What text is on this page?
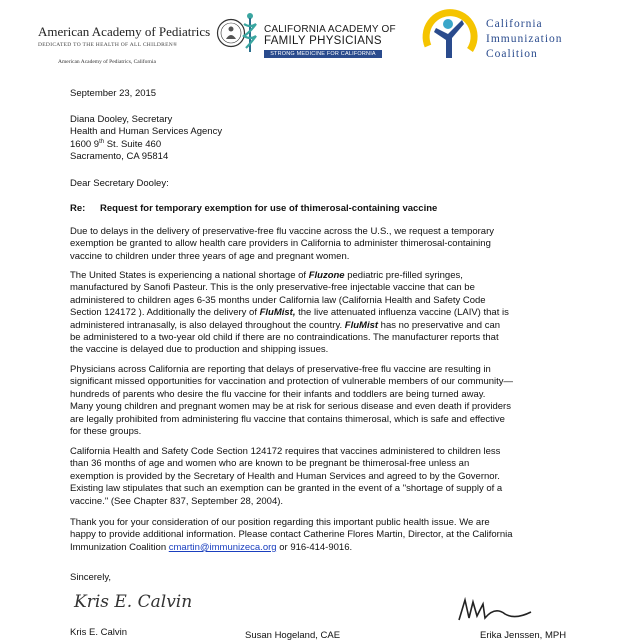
American Academy of Pediatrics
DEDICATED TO THE HEALTH OF ALL CHILDREN®
American Academy of Pediatrics, California
CALIFORNIA ACADEMY OF
FAMILY PHYSICIANS
STRONG MEDICINE FOR CALIFORNIA
California
Immunization
Coalition
September 23, 2015
Diana Dooley, Secretary
Health and Human Services Agency
1600 9th St. Suite 460
Sacramento, CA 95814
Dear Secretary Dooley:
Re: Request for temporary exemption for use of thimerosal-containing vaccine
Due to delays in the delivery of preservative-free flu vaccine across the U.S., we request a temporary
exemption be granted to allow health care providers in California to administer thimerosal-containing
vaccine to children under three years of age and pregnant women.
The United States is experiencing a national shortage of Fluzone pediatric pre-filled syringes,
manufactured by Sanofi Pasteur. This is the only preservative-free injectable vaccine that can be
administered to children ages 6-35 months under California law (California Health and Safety Code
Section 124172 ). Additionally the delivery of FluMist, the live attenuated influenza vaccine (LAIV) that is
administered intranasally, is also delayed throughout the country. FluMist has no preservative and can
be administered to a two-year old child if there are no contraindications. The manufacturer reports that
the vaccine is delayed due to production and shipping issues.
Physicians across California are reporting that delays of preservative-free flu vaccine are resulting in
significant missed opportunities for vaccination and protection of vulnerable members of our community—
hundreds of parents who desire the flu vaccine for their infants and toddlers are being turned away.
Many young children and pregnant women may be at risk for serious disease and even death if providers
are legally prohibited from administering flu vaccine that contains thimerosal, which is safe and effective
for these groups.
California Health and Safety Code Section 124172 requires that vaccines administered to children less
than 36 months of age and women who are known to be pregnant be thimerosal-free unless an
exemption is provided by the Secretary of Health and Human Services and agreed to by the Governor.
Existing law stipulates that such an exemption can be granted in the event of a "shortage of supply of a
vaccine." (See Chapter 837, September 28, 2004).
Thank you for your consideration of our position regarding this important public health issue. We are
happy to provide additional information. Please contact Catherine Flores Martin, Director, at the California
Immunization Coalition cmartin@immunizeca.org or 916-414-9016.
Sincerely,
Kris E. Calvin
Kris E. Calvin	Susan Hogeland, CAE	Erika Jenssen, MPH
